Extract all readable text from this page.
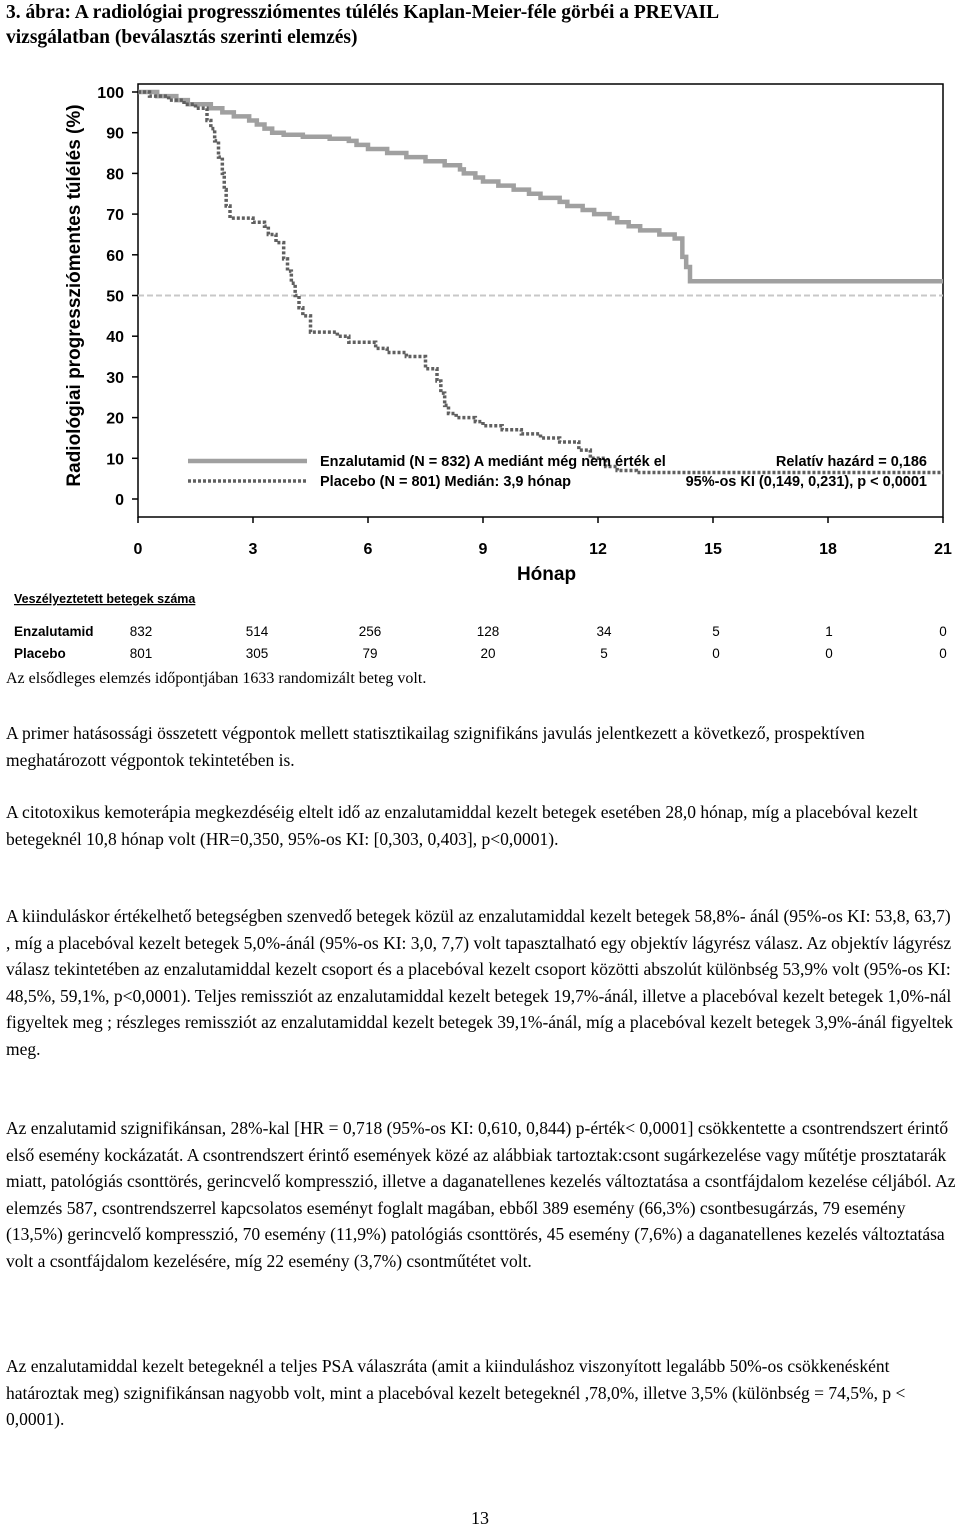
3. ábra: A radiológiai progressziómentes túlélés Kaplan-Meier-féle görbéi a PREVAIL
vizsgálatban (beválasztás szerinti elemzés)
0
10
20
30
40
50
60
70
80
90
100
0	3	6	9	12	15	18	21
Hónap
Radiológiai progressziómentes túlélés (%)	Enzalutamid (N = 832) A mediánt még nem érték el
Placebo (N = 801) Medián: 3,9 hónap
Relatív hazárd = 0,186
95%-os KI (0,149, 0,231), p < 0,0001
Veszélyeztetett betegek száma
Enzalutamid	832	514	256	128	34	5	1	0
Placebo	801	305	79	20	5	0	0	0
Az elsődleges elemzés időpontjában 1633 randomizált beteg volt.

A primer hatásossági összetett végpontok mellett statisztikailag szignifikáns javulás jelentkezett a következő, prospektíven meghatározott végpontok tekintetében is.

A citotoxikus kemoterápia megkezdéséig eltelt idő az enzalutamiddal kezelt betegek esetében 28,0 hónap, míg a placebóval kezelt betegeknél 10,8 hónap volt (HR=0,350, 95%-os KI: [0,303, 0,403], p<0,0001).

A kiinduláskor értékelhető betegségben szenvedő betegek közül az enzalutamiddal kezelt betegek 58,8%- ánál (95%-os KI: 53,8, 63,7) , míg a placebóval kezelt betegek 5,0%-ánál (95%-os KI: 3,0, 7,7) volt tapasztalható egy objektív lágyrész válasz. Az objektív lágyrész válasz tekintetében az enzalutamiddal kezelt csoport és a placebóval kezelt csoport közötti abszolút különbség 53,9% volt (95%-os KI: 48,5%, 59,1%, p<0,0001). Teljes remissziót az enzalutamiddal kezelt betegek 19,7%-ánál, illetve a placebóval kezelt betegek 1,0%-nál figyeltek meg ; részleges remissziót az enzalutamiddal kezelt betegek 39,1%-ánál, míg a placebóval kezelt betegek 3,9%-ánál figyeltek meg.

Az enzalutamid szignifikánsan, 28%-kal [HR = 0,718 (95%-os KI: 0,610, 0,844) p-érték< 0,0001] csökkentette a csontrendszert érintő első esemény kockázatát. A csontrendszert érintő események közé az alábbiak tartoztak:csont sugárkezelése vagy műtétje prosztatarák miatt, patológiás csonttörés, gerincvelő kompresszió, illetve a daganatellenes kezelés változtatása a csontfájdalom kezelése céljából. Az elemzés 587, csontrendszerrel kapcsolatos eseményt foglalt magában, ebből 389 esemény (66,3%) csontbesugárzás, 79 esemény (13,5%) gerincvelő kompresszió, 70 esemény (11,9%) patológiás csonttörés, 45 esemény (7,6%) a daganatellenes kezelés változtatása volt a csontfájdalom kezelésére, míg 22 esemény (3,7%) csontműtétet volt.

Az enzalutamiddal kezelt betegeknél a teljes PSA válaszráta (amit a kiinduláshoz viszonyított legalább 50%-os csökkenésként határoztak meg) szignifikánsan nagyobb volt, mint a placebóval kezelt betegeknél ,78,0%, illetve 3,5% (különbség = 74,5%, p < 0,0001).

13
